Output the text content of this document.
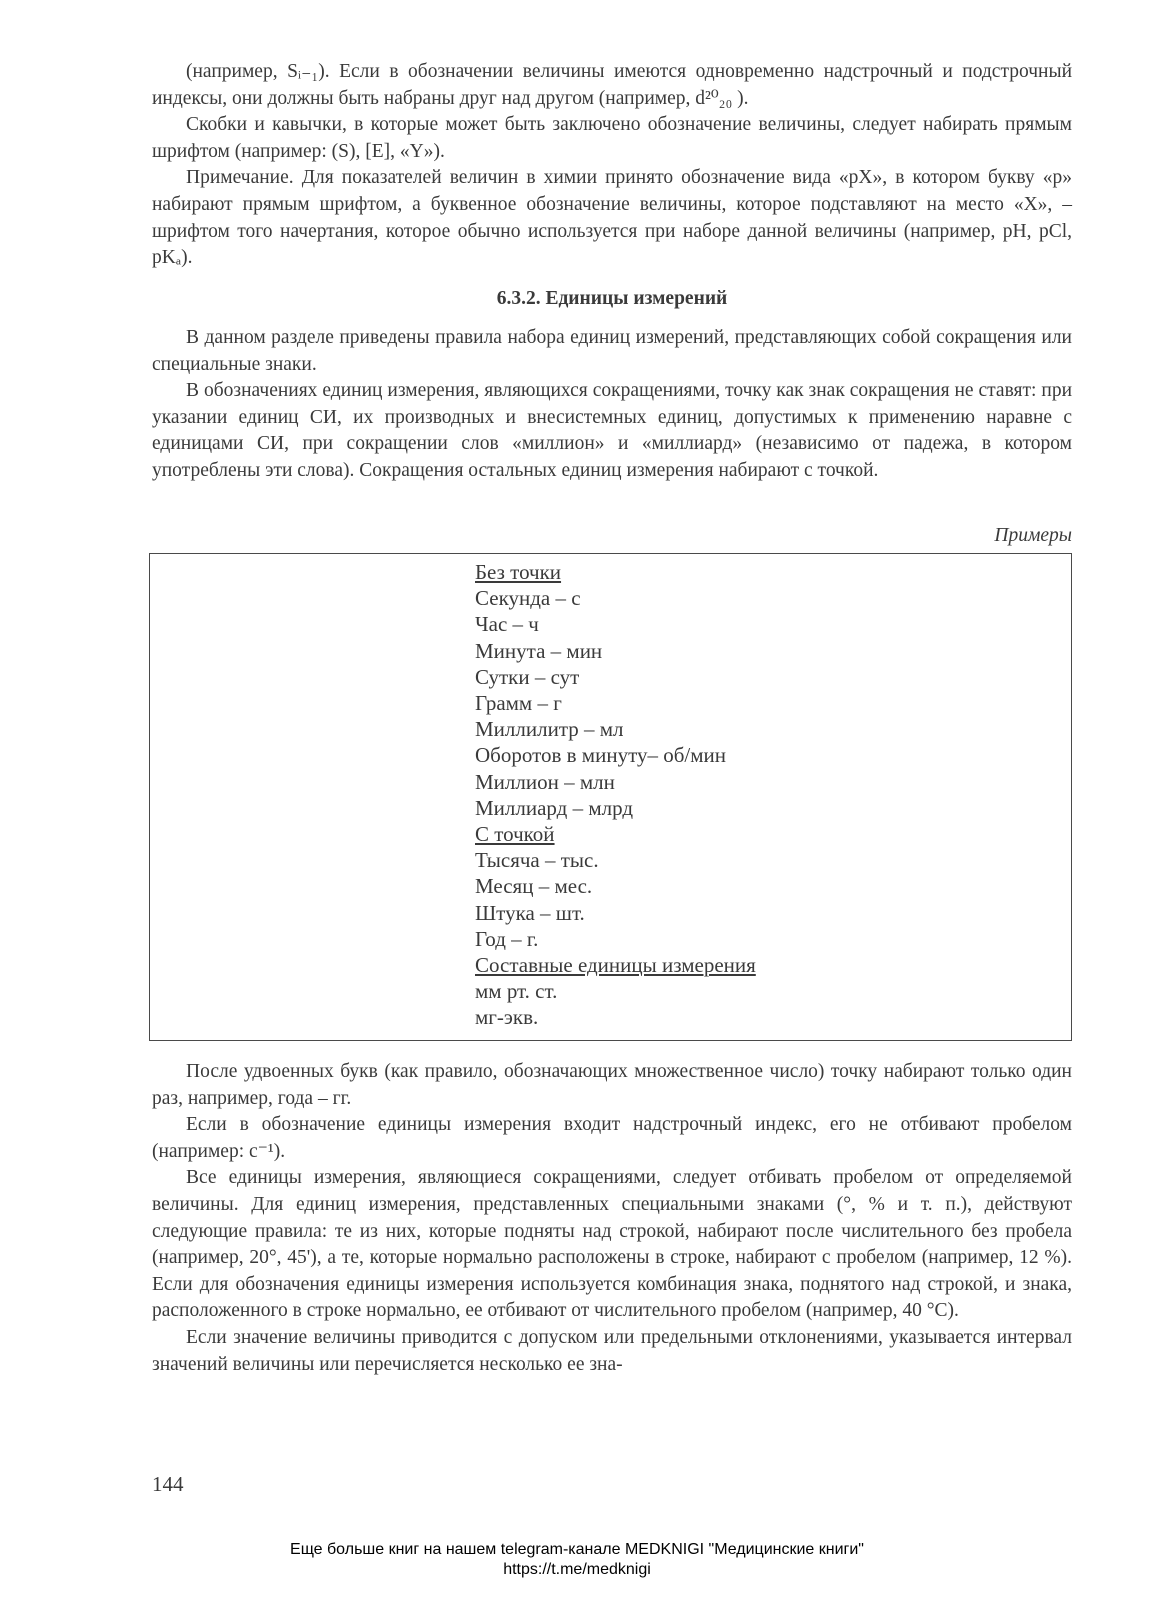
(например, Sᵢ₋₁). Если в обозначении величины имеются одновременно надстрочный и подстрочный индексы, они должны быть набраны друг над другом (например, d²⁰₂₀ ).

Скобки и кавычки, в которые может быть заключено обозначение величины, следует набирать прямым шрифтом (например: (S), [E], «Y»).

Примечание. Для показателей величин в химии принято обозначение вида «pX», в котором букву «p» набирают прямым шрифтом, а буквенное обозначение величины, которое подставляют на место «X», – шрифтом того начертания, которое обычно используется при наборе данной величины (например, pH, pCl, pKₐ).

6.3.2. Единицы измерений

В данном разделе приведены правила набора единиц измерений, представляющих собой сокращения или специальные знаки.

В обозначениях единиц измерения, являющихся сокращениями, точку как знак сокращения не ставят: при указании единиц СИ, их производных и внесистемных единиц, допустимых к применению наравне с единицами СИ, при сокращении слов «миллион» и «миллиард» (независимо от падежа, в котором употреблены эти слова). Сокращения остальных единиц измерения набирают с точкой.

Примеры
Без точки
Секунда – с
Час – ч
Минута – мин
Сутки – сут
Грамм – г
Миллилитр – мл
Оборотов в минуту– об/мин
Миллион – млн
Миллиард – млрд
С точкой
Тысяча – тыс.
Месяц – мес.
Штука – шт.
Год – г.
Составные единицы измерения
мм рт. ст.
мг-экв.

После удвоенных букв (как правило, обозначающих множественное число) точку набирают только один раз, например, года – гг.

Если в обозначение единицы измерения входит надстрочный индекс, его не отбивают пробелом (например: с⁻¹).

Все единицы измерения, являющиеся сокращениями, следует отбивать пробелом от определяемой величины. Для единиц измерения, представленных специальными знаками (°, % и т. п.), действуют следующие правила: те из них, которые подняты над строкой, набирают после числительного без пробела (например, 20°, 45'), а те, которые нормально расположены в строке, набирают с пробелом (например, 12 %). Если для обозначения единицы измерения используется комбинация знака, поднятого над строкой, и знака, расположенного в строке нормально, ее отбивают от числительного пробелом (например, 40 °С).

Если значение величины приводится с допуском или предельными отклонениями, указывается интервал значений величины или перечисляется несколько ее зна-

144
Еще больше книг на нашем telegram-канале MEDKNIGI "Медицинские книги"
https://t.me/medknigi
